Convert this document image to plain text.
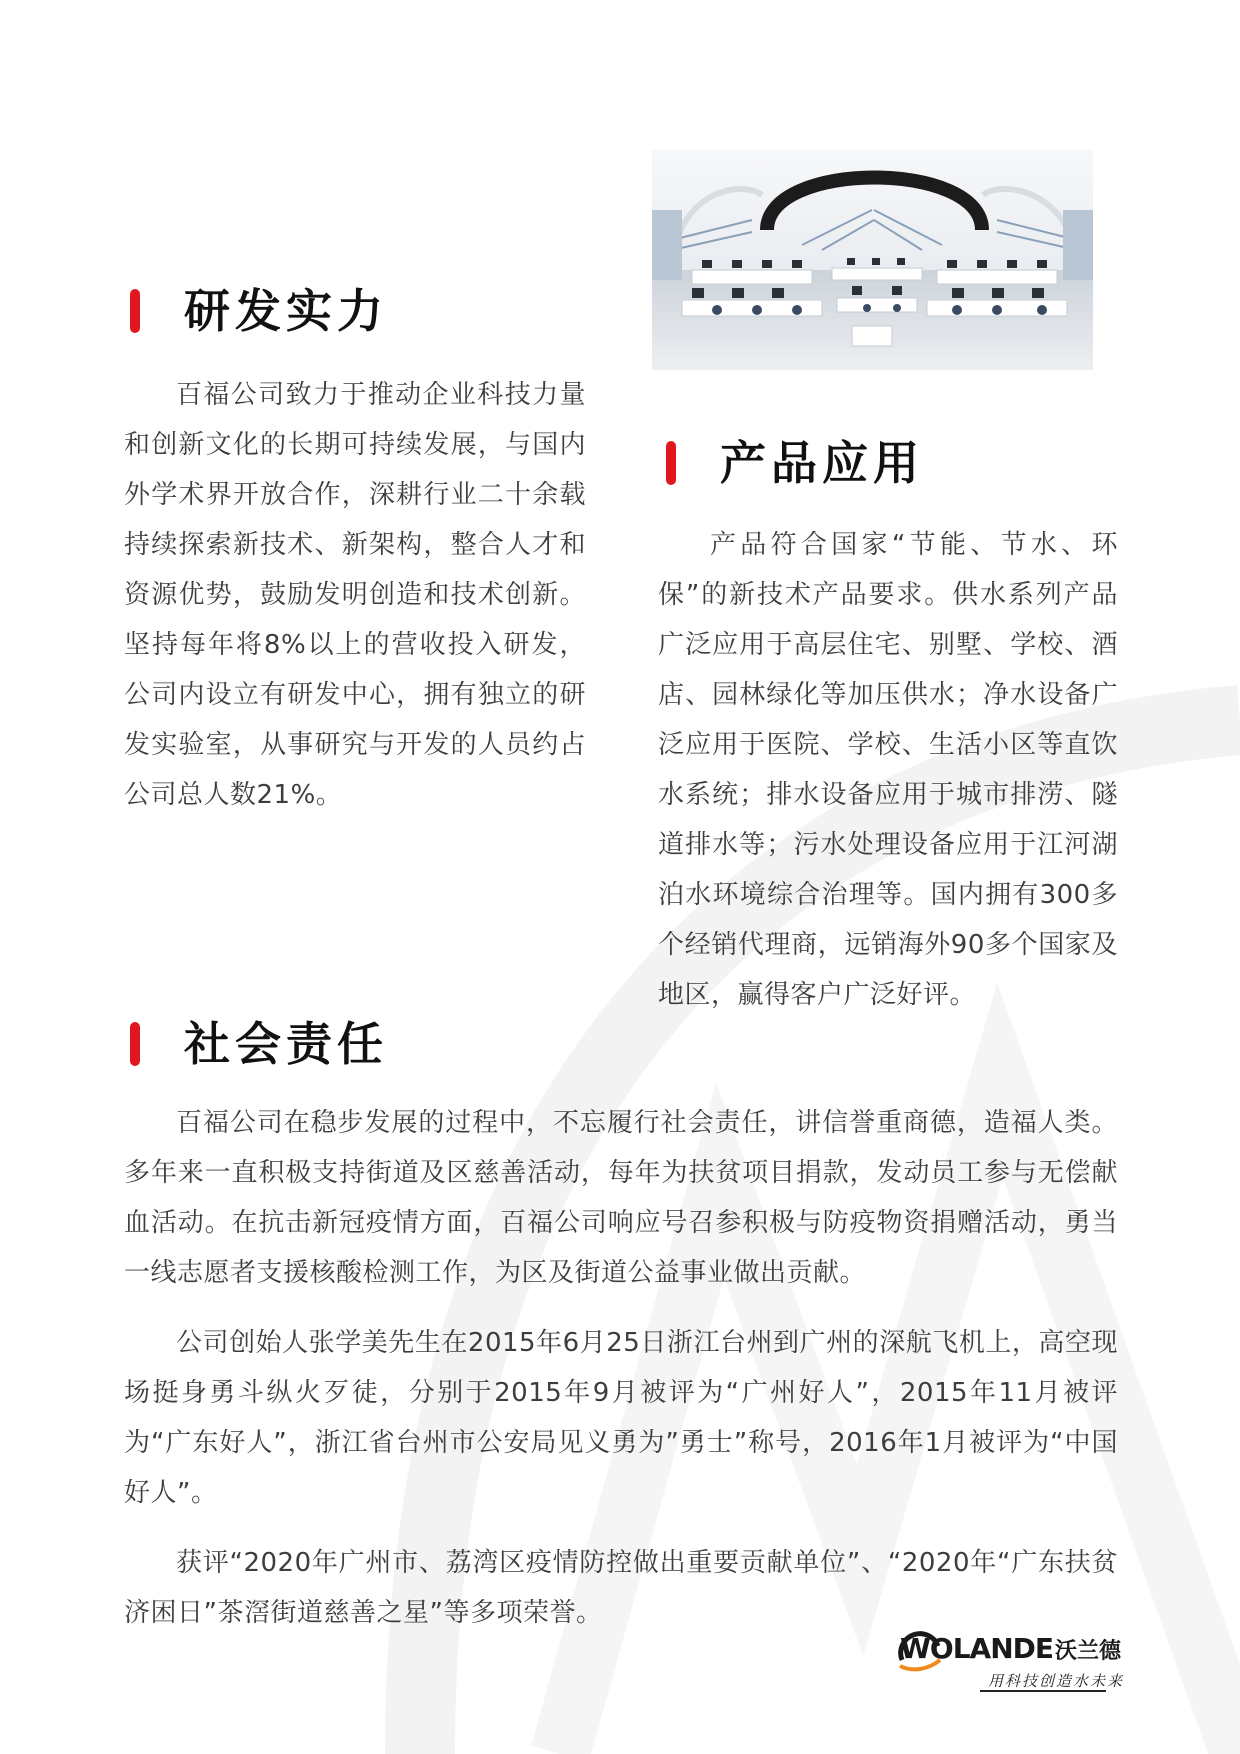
研发实力

百福公司致力于推动企业科技力量和创新文化的长期可持续发展，与国内外学术界开放合作，深耕行业二十余载持续探索新技术、新架构，整合人才和资源优势，鼓励发明创造和技术创新。坚持每年将8%以上的营收投入研发，公司内设立有研发中心，拥有独立的研发实验室，从事研究与开发的人员约占公司总人数21%。

产品应用

产品符合国家“节能、节水、环保”的新技术产品要求。供水系列产品广泛应用于高层住宅、别墅、学校、酒店、园林绿化等加压供水；净水设备广泛应用于医院、学校、生活小区等直饮水系统；排水设备应用于城市排涝、隧道排水等；污水处理设备应用于江河湖泊水环境综合治理等。国内拥有300多个经销代理商，远销海外90多个国家及地区，赢得客户广泛好评。

社会责任

百福公司在稳步发展的过程中，不忘履行社会责任，讲信誉重商德，造福人类。多年来一直积极支持街道及区慈善活动，每年为扶贫项目捐款，发动员工参与无偿献血活动。在抗击新冠疫情方面，百福公司响应号召参积极与防疫物资捐赠活动，勇当一线志愿者支援核酸检测工作，为区及街道公益事业做出贡献。

公司创始人张学美先生在2015年6月25日浙江台州到广州的深航飞机上，高空现场挺身勇斗纵火歹徒，分别于2015年9月被评为“广州好人”，2015年11月被评为“广东好人”，浙江省台州市公安局见义勇为”勇士”称号，2016年1月被评为“中国好人”。

获评“2020年广州市、荔湾区疫情防控做出重要贡献单位”、“2020年“广东扶贫济困日”茶滘街道慈善之星”等多项荣誉。

WOLANDE沃兰德
用科技创造水未来
